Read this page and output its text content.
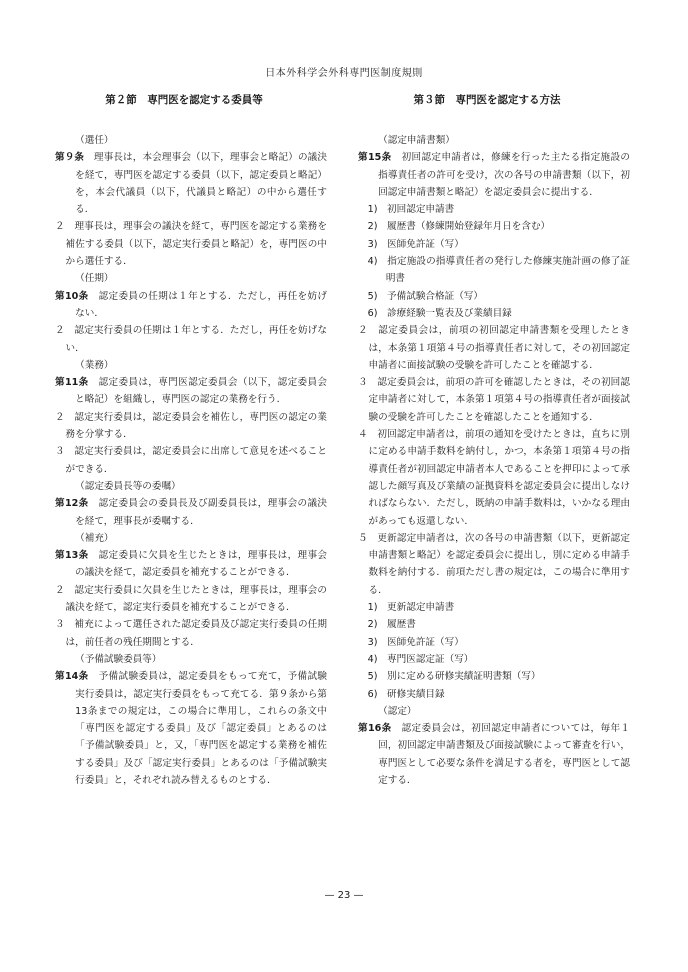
日本外科学会外科専門医制度規則
第２節　専門医を認定する委員等

（選任）

第９条　 理事長は，本会理事会（以下，理事会と略記）の議決を経て，専門医を認定する委員（以下，認定委員と略記）を，本会代議員（以下，代議員と略記）の中から選任する．

２　理事長は，理事会の議決を経て，専門医を認定する業務を補佐する委員（以下，認定実行委員と略記）を，専門医の中から選任する．

（任期）

第10条　 認定委員の任期は１年とする．ただし，再任を妨げない．

２　認定実行委員の任期は１年とする．ただし，再任を妨げない．

（業務）

第11条　 認定委員は，専門医認定委員会（以下，認定委員会と略記）を組織し，専門医の認定の業務を行う．

２　認定実行委員は，認定委員会を補佐し，専門医の認定の業務を分掌する．

３　認定実行委員は，認定委員会に出席して意見を述べることができる．

（認定委員長等の委嘱）

第12条　 認定委員会の委員長及び副委員長は，理事会の議決を経て，理事長が委嘱する．

（補充）

第13条　 認定委員に欠員を生じたときは，理事長は，理事会の議決を経て，認定委員を補充することができる．

２　認定実行委員に欠員を生じたときは，理事長は，理事会の議決を経て，認定実行委員を補充することができる．

３　補充によって選任された認定委員及び認定実行委員の任期は，前任者の残任期間とする．

（予備試験委員等）

第14条　 予備試験委員は，認定委員をもって充て，予備試験実行委員は，認定実行委員をもって充てる．第９条から第13条までの規定は，この場合に準用し，これらの条文中「専門医を認定する委員」及び「認定委員」とあるのは「予備試験委員」と，又，「専門医を認定する業務を補佐する委員」及び「認定実行委員」とあるのは「予備試験実行委員」と，それぞれ読み替えるものとする．

第３節　専門医を認定する方法

（認定申請書類）

第15条　 初回認定申請者は，修練を行った主たる指定施設の指導責任者の許可を受け，次の各号の申請書類（以下，初回認定申請書類と略記）を認定委員会に提出する．

1)　初回認定申請書

2)　履歴書（修練開始登録年月日を含む）

3)　医師免許証（写）

4)　指定施設の指導責任者の発行した修練実施計画の修了証明書

5)　予備試験合格証（写）

6)　診療経験一覧表及び業績目録

２　認定委員会は，前項の初回認定申請書類を受理したときは，本条第１項第４号の指導責任者に対して，その初回認定申請者に面接試験の受験を許可したことを確認する．

３　認定委員会は，前項の許可を確認したときは，その初回認定申請者に対して，本条第１項第４号の指導責任者が面接試験の受験を許可したことを確認したことを通知する．

４　初回認定申請者は，前項の通知を受けたときは，直ちに別に定める申請手数料を納付し，かつ，本条第１項第４号の指導責任者が初回認定申請者本人であることを押印によって承認した顔写真及び業績の証拠資料を認定委員会に提出しなければならない．ただし，既納の申請手数料は，いかなる理由があっても返還しない．

５　更新認定申請者は，次の各号の申請書類（以下，更新認定申請書類と略記）を認定委員会に提出し，別に定める申請手数料を納付する．前項ただし書の規定は，この場合に準用する．

1)　更新認定申請書

2)　履歴書

3)　医師免許証（写）

4)　専門医認定証（写）

5)　別に定める研修実績証明書類（写）

6)　研修実績目録

（認定）

第16条　 認定委員会は，初回認定申請者については，毎年１回，初回認定申請書類及び面接試験によって審査を行い，専門医として必要な条件を満足する者を，専門医として認定する．

— 23 —
